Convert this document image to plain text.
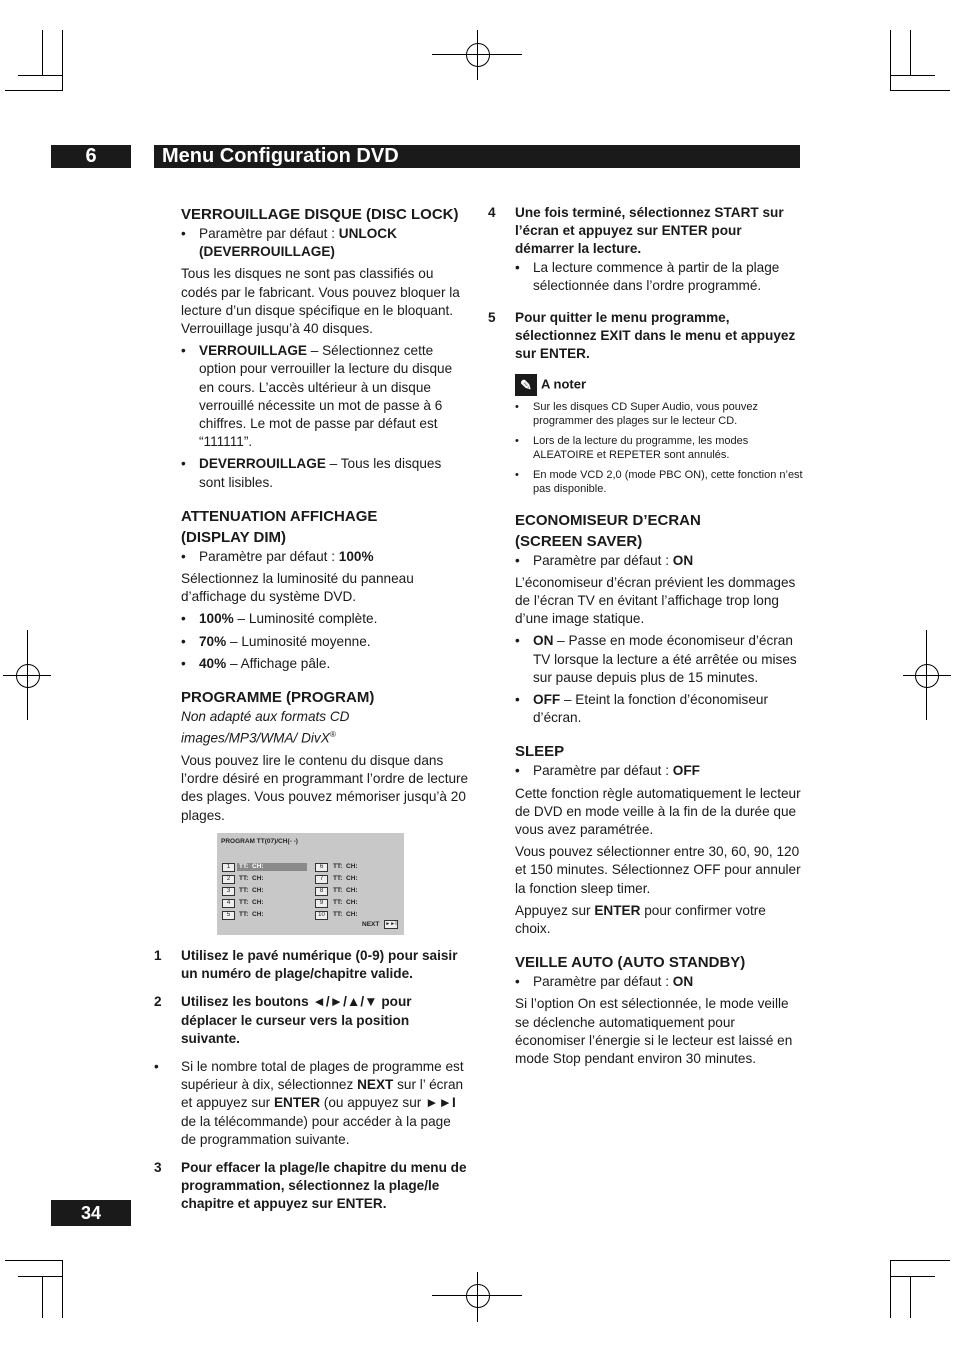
6	Menu Configuration DVD
VERROUILLAGE DISQUE (DISC LOCK)

• Paramètre par défaut : UNLOCK (DEVERROUILLAGE)

Tous les disques ne sont pas classifiés ou codés par le fabricant. Vous pouvez bloquer la lecture d’un disque spécifique en le bloquant. Verrouillage jusqu’à 40 disques.

• VERROUILLAGE – Sélectionnez cette option pour verrouiller la lecture du disque en cours. L’accès ultérieur à un disque verrouillé nécessite un mot de passe à 6 chiffres. Le mot de passe par défaut est “111111”.

• DEVERROUILLAGE – Tous les disques sont lisibles.

ATTENUATION AFFICHAGE
(DISPLAY DIM)

• Paramètre par défaut : 100%

Sélectionnez la luminosité du panneau d’affichage du système DVD.

• 100% – Luminosité complète.

• 70% – Luminosité moyenne.

• 40% – Affichage pâle.

PROGRAMME (PROGRAM)

Non adapté aux formats CD images/MP3/WMA/ DivX®

Vous pouvez lire le contenu du disque dans l’ordre désiré en programmant l’ordre de lecture des plages. Vous pouvez mémoriser jusqu’à 20 plages.

PROGRAM TT(07)/CH(- -)
1
2
3
4
5
TT: CH:
TT: CH:
TT: CH:
TT: CH:
TT: CH:
6
7
8
9
10
TT: CH:
TT: CH:
TT: CH:
TT: CH:
TT: CH:
NEXT ►►I

1 Utilisez le pavé numérique (0-9) pour saisir un numéro de plage/chapitre valide.

2 Utilisez les boutons ◄/►/▲/▼ pour déplacer le curseur vers la position suivante.

• Si le nombre total de plages de programme est supérieur à dix, sélectionnez NEXT sur l’ écran et appuyez sur ENTER (ou appuyez sur ►►I de la télécommande) pour accéder à la page de programmation suivante.

3 Pour effacer la plage/le chapitre du menu de programmation, sélectionnez la plage/le chapitre et appuyez sur ENTER.

4 Une fois terminé, sélectionnez START sur l’écran et appuyez sur ENTER pour démarrer la lecture.

• La lecture commence à partir de la plage sélectionnée dans l’ordre programmé.

5 Pour quitter le menu programme, sélectionnez EXIT dans le menu et appuyez sur ENTER.

✎ A noter

• Sur les disques CD Super Audio, vous pouvez programmer des plages sur le lecteur CD.

• Lors de la lecture du programme, les modes ALEATOIRE et REPETER sont annulés.

• En mode VCD 2,0 (mode PBC ON), cette fonction n’est pas disponible.

ECONOMISEUR D’ECRAN
(SCREEN SAVER)

• Paramètre par défaut : ON

L’économiseur d’écran prévient les dommages de l’écran TV en évitant l’affichage trop long d’une image statique.

• ON – Passe en mode économiseur d’écran TV lorsque la lecture a été arrêtée ou mises sur pause depuis plus de 15 minutes.

• OFF – Eteint la fonction d’économiseur d’écran.

SLEEP

• Paramètre par défaut : OFF

Cette fonction règle automatiquement le lecteur de DVD en mode veille à la fin de la durée que vous avez paramétrée.

Vous pouvez sélectionner entre 30, 60, 90, 120 et 150 minutes. Sélectionnez OFF pour annuler la fonction sleep timer.

Appuyez sur ENTER pour confirmer votre choix.

VEILLE AUTO (AUTO STANDBY)

• Paramètre par défaut : ON

Si l’option On est sélectionnée, le mode veille se déclenche automatiquement pour économiser l’énergie si le lecteur est laissé en mode Stop pendant environ 30 minutes.

34
